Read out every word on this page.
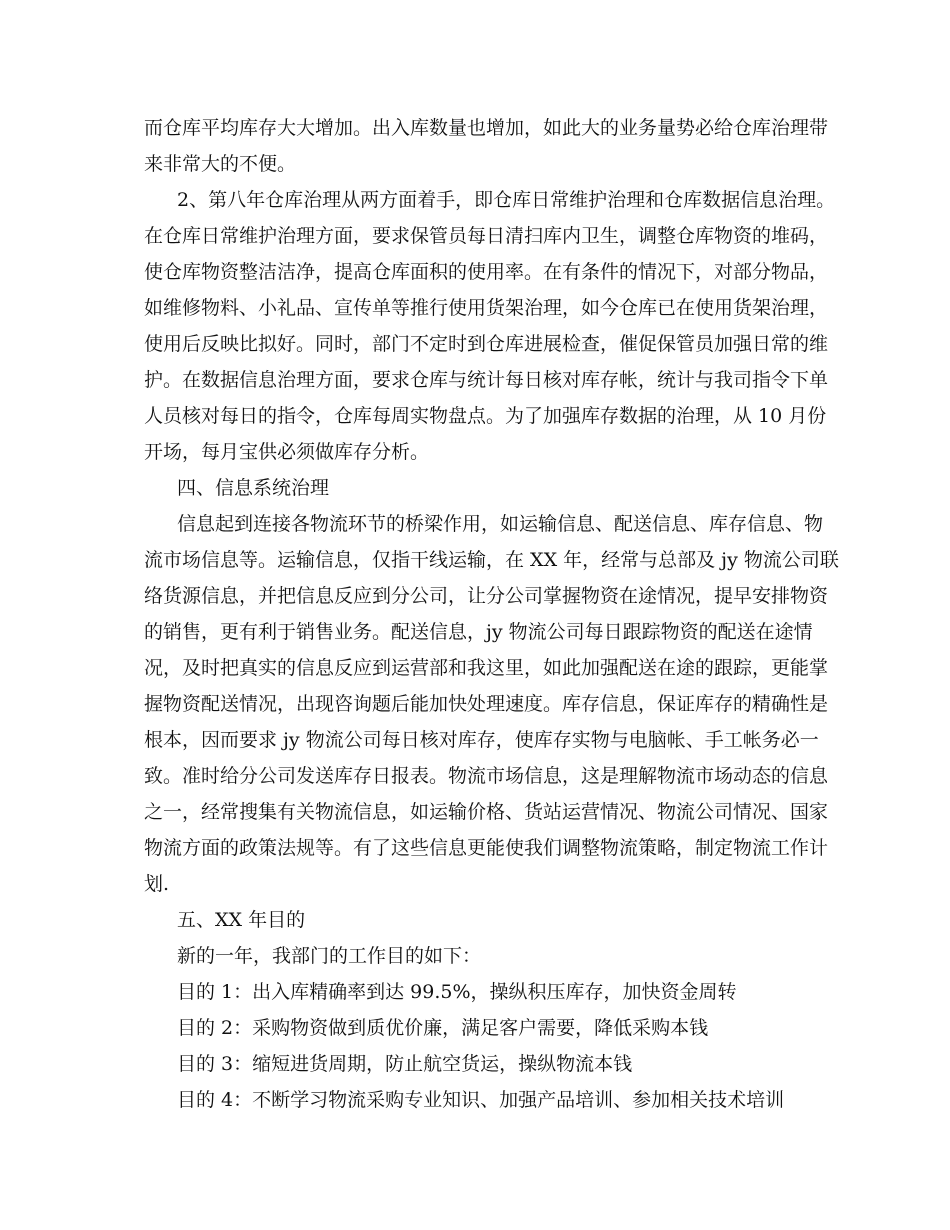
而仓库平均库存大大增加。出入库数量也增加，如此大的业务量势必给仓库治理带

来非常大的不便。

2、第八年仓库治理从两方面着手，即仓库日常维护治理和仓库数据信息治理。

在仓库日常维护治理方面，要求保管员每日清扫库内卫生，调整仓库物资的堆码，

使仓库物资整洁洁净，提高仓库面积的使用率。在有条件的情况下，对部分物品，

如维修物料、小礼品、宣传单等推行使用货架治理，如今仓库已在使用货架治理，

使用后反映比拟好。同时，部门不定时到仓库进展检查，催促保管员加强日常的维

护。在数据信息治理方面，要求仓库与统计每日核对库存帐，统计与我司指令下单

人员核对每日的指令，仓库每周实物盘点。为了加强库存数据的治理，从 10 月份

开场，每月宝供必须做库存分析。

四、信息系统治理

信息起到连接各物流环节的桥梁作用，如运输信息、配送信息、库存信息、物

流市场信息等。运输信息，仅指干线运输，在 XX 年，经常与总部及 jy 物流公司联

络货源信息，并把信息反应到分公司，让分公司掌握物资在途情况，提早安排物资

的销售，更有利于销售业务。配送信息，jy 物流公司每日跟踪物资的配送在途情

况，及时把真实的信息反应到运营部和我这里，如此加强配送在途的跟踪，更能掌

握物资配送情况，出现咨询题后能加快处理速度。库存信息，保证库存的精确性是

根本，因而要求 jy 物流公司每日核对库存，使库存实物与电脑帐、手工帐务必一

致。准时给分公司发送库存日报表。物流市场信息，这是理解物流市场动态的信息

之一，经常搜集有关物流信息，如运输价格、货站运营情况、物流公司情况、国家

物流方面的政策法规等。有了这些信息更能使我们调整物流策略，制定物流工作计

划.

五、XX 年目的

新的一年，我部门的工作目的如下：

目的 1：出入库精确率到达 99.5%，操纵积压库存，加快资金周转

目的 2：采购物资做到质优价廉，满足客户需要，降低采购本钱

目的 3：缩短进货周期，防止航空货运，操纵物流本钱

目的 4：不断学习物流采购专业知识、加强产品培训、参加相关技术培训
